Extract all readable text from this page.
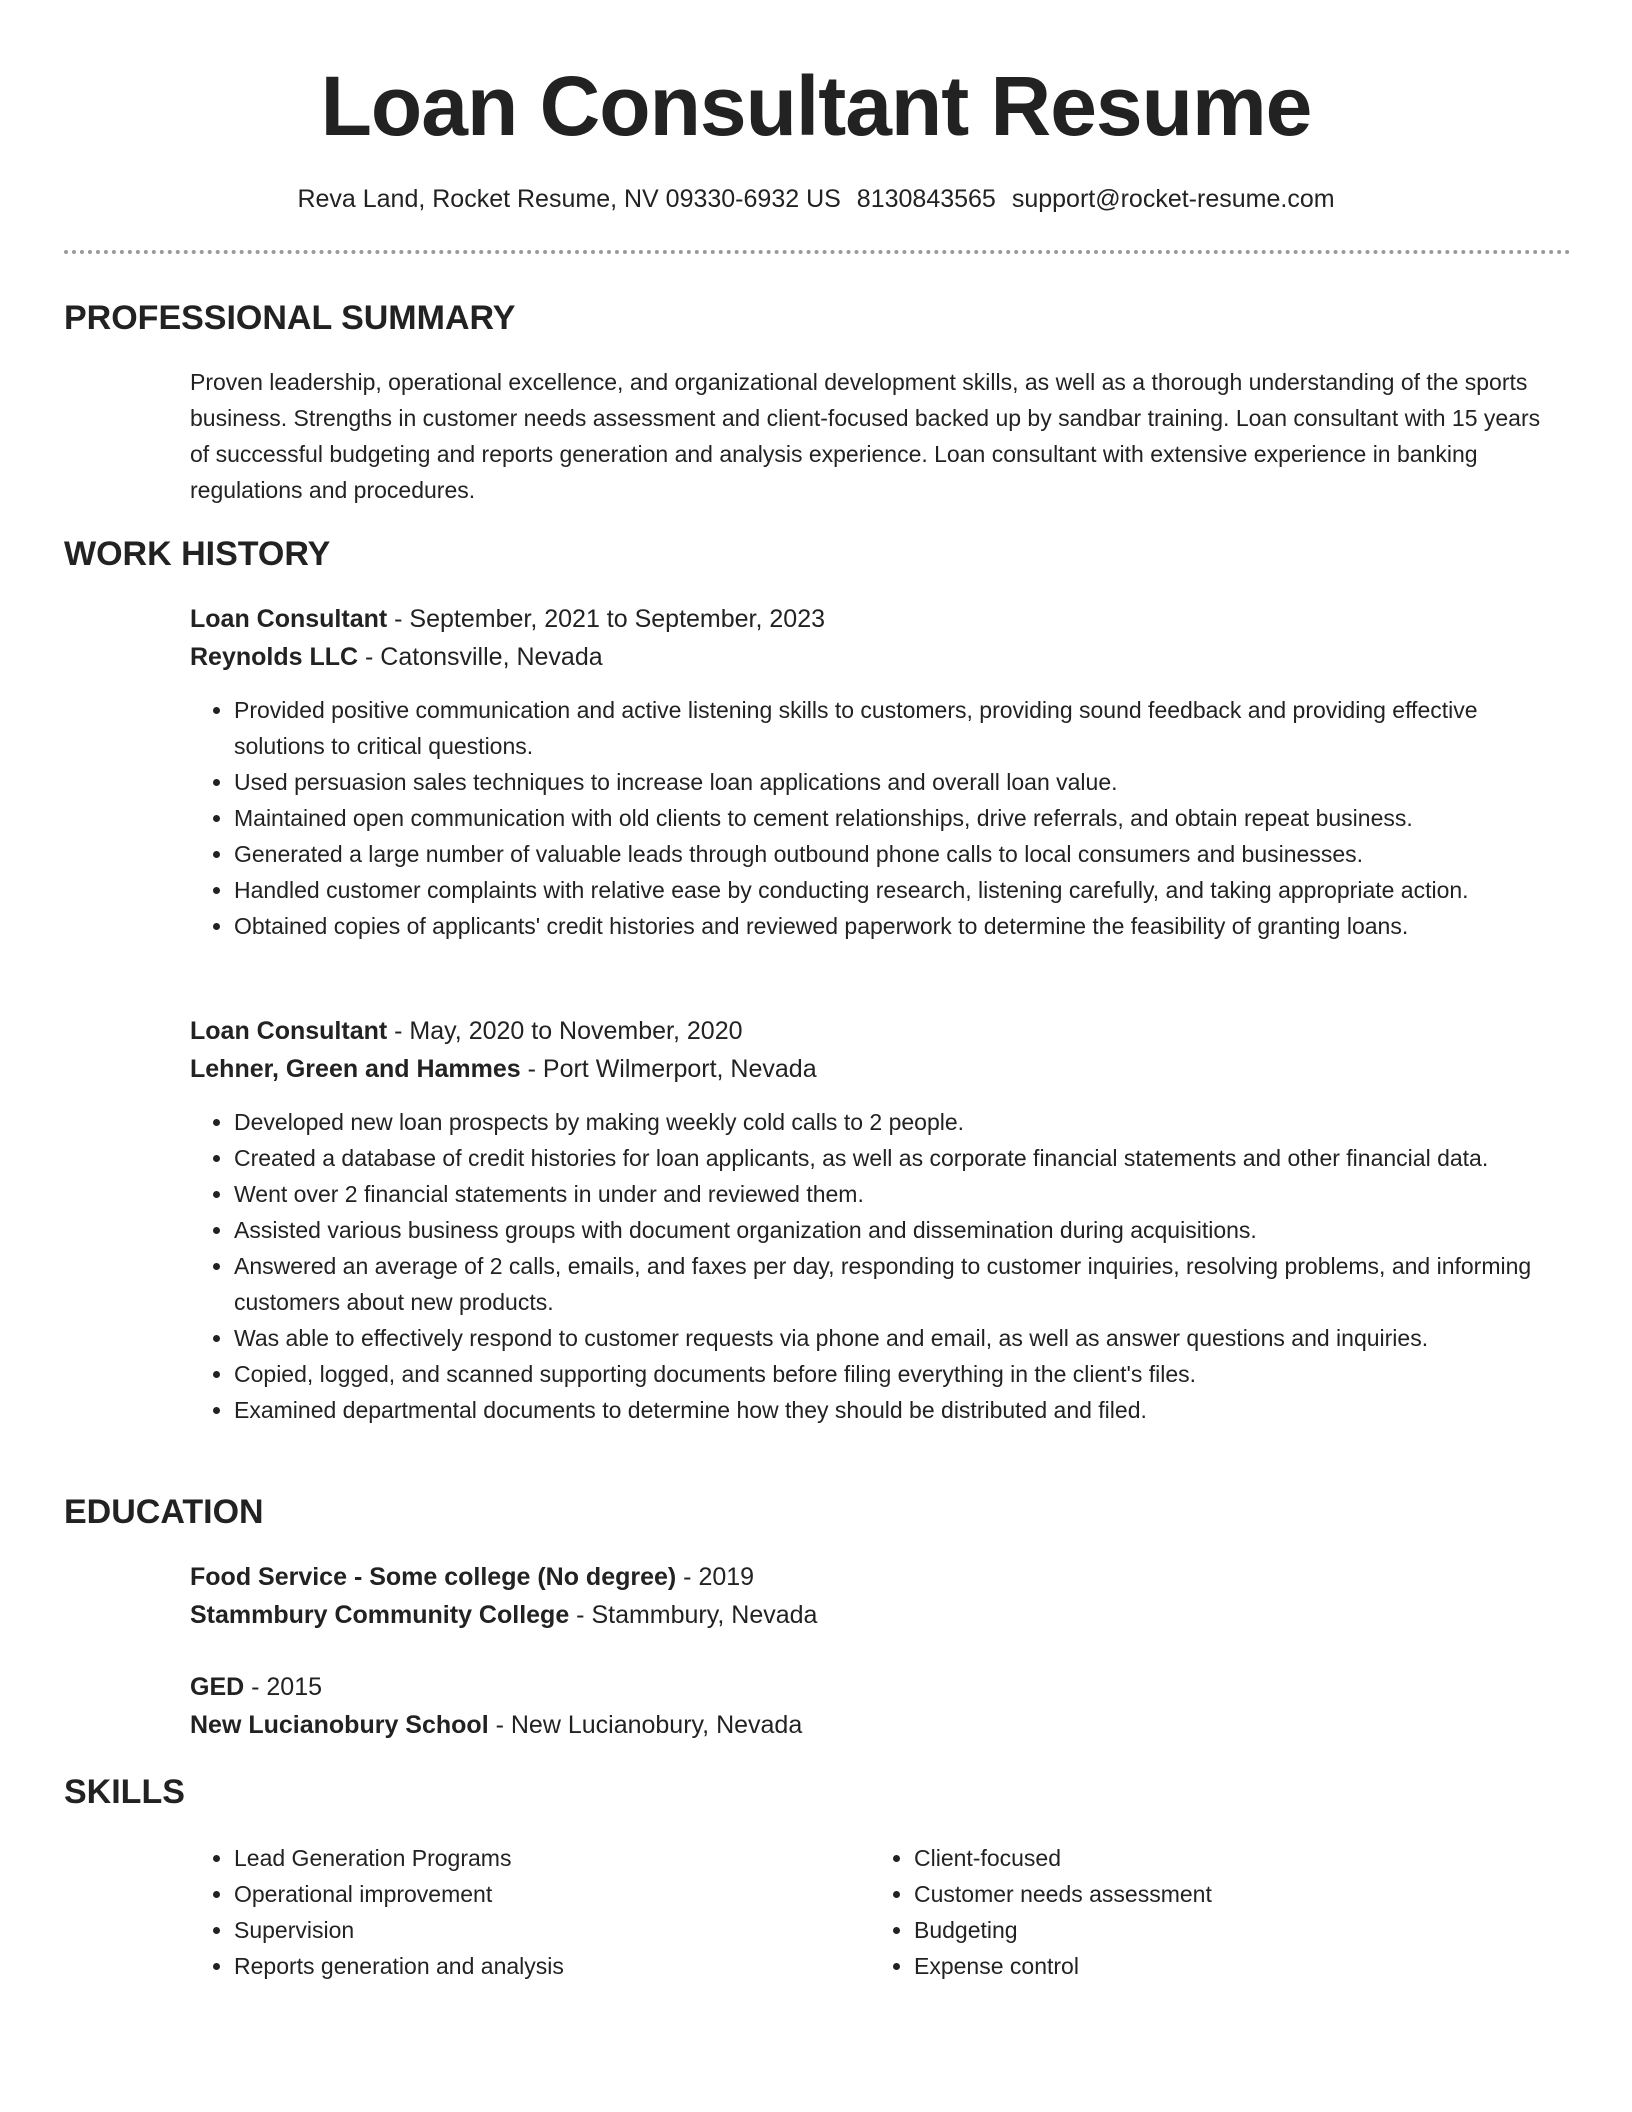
Loan Consultant Resume
Reva Land, Rocket Resume, NV 09330-6932 US 8130843565 support@rocket-resume.com
PROFESSIONAL SUMMARY

Proven leadership, operational excellence, and organizational development skills, as well as a thorough understanding of the sports business. Strengths in customer needs assessment and client-focused backed up by sandbar training. Loan consultant with 15 years of successful budgeting and reports generation and analysis experience. Loan consultant with extensive experience in banking regulations and procedures.

WORK HISTORY

Loan Consultant - September, 2021 to September, 2023

Reynolds LLC - Catonsville, Nevada

• Provided positive communication and active listening skills to customers, providing sound feedback and providing effective solutions to critical questions.
• Used persuasion sales techniques to increase loan applications and overall loan value.
• Maintained open communication with old clients to cement relationships, drive referrals, and obtain repeat business.
• Generated a large number of valuable leads through outbound phone calls to local consumers and businesses.
• Handled customer complaints with relative ease by conducting research, listening carefully, and taking appropriate action.
• Obtained copies of applicants' credit histories and reviewed paperwork to determine the feasibility of granting loans.

Loan Consultant - May, 2020 to November, 2020

Lehner, Green and Hammes - Port Wilmerport, Nevada

• Developed new loan prospects by making weekly cold calls to 2 people.
• Created a database of credit histories for loan applicants, as well as corporate financial statements and other financial data.
• Went over 2 financial statements in under and reviewed them.
• Assisted various business groups with document organization and dissemination during acquisitions.
• Answered an average of 2 calls, emails, and faxes per day, responding to customer inquiries, resolving problems, and informing customers about new products.
• Was able to effectively respond to customer requests via phone and email, as well as answer questions and inquiries.
• Copied, logged, and scanned supporting documents before filing everything in the client's files.
• Examined departmental documents to determine how they should be distributed and filed.
EDUCATION

Food Service - Some college (No degree) - 2019

Stammbury Community College - Stammbury, Nevada

GED - 2015

New Lucianobury School - New Lucianobury, Nevada

SKILLS
• Lead Generation Programs
• Operational improvement
• Supervision
• Reports generation and analysis
• Client-focused
• Customer needs assessment
• Budgeting
• Expense control
